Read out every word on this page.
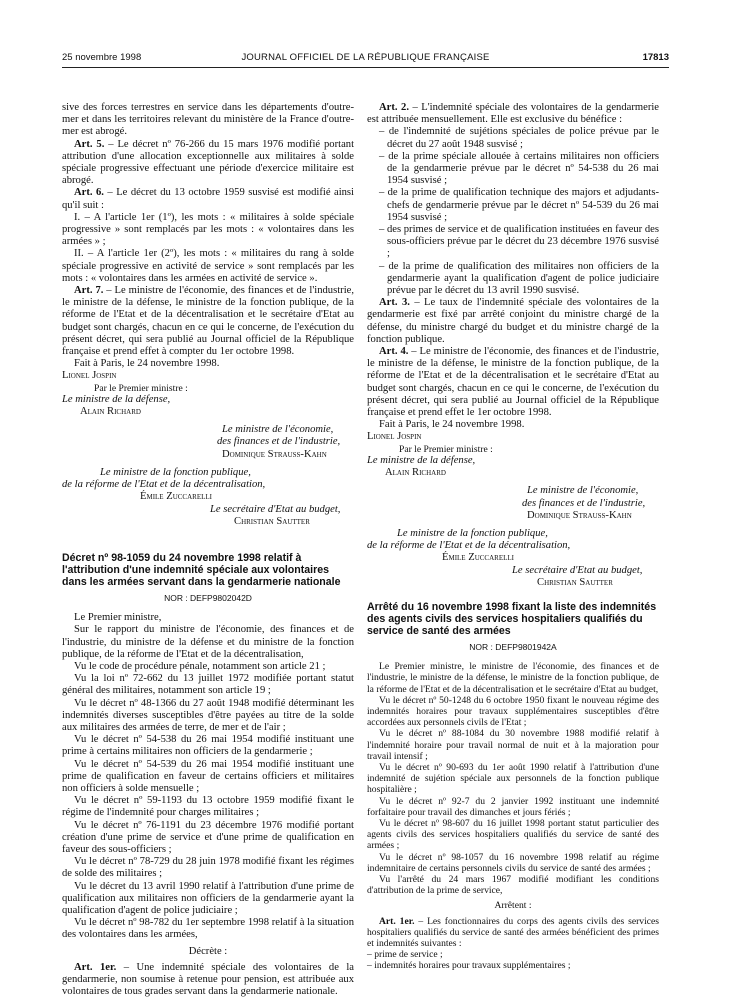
25 novembre 1998	JOURNAL OFFICIEL DE LA RÉPUBLIQUE FRANÇAISE	17813

sive des forces terrestres en service dans les départements d'outre-mer et dans les territoires relevant du ministère de la France d'outre-mer est abrogé.

Art. 5. – Le décret nº 76-266 du 15 mars 1976 modifié portant attribution d'une allocation exceptionnelle aux militaires à solde spéciale progressive effectuant une période d'exercice militaire est abrogé.

Art. 6. – Le décret du 13 octobre 1959 susvisé est modifié ainsi qu'il suit :

I. – A l'article 1er (1º), les mots : « militaires à solde spéciale progressive » sont remplacés par les mots : « volontaires dans les armées » ;

II. – A l'article 1er (2º), les mots : « militaires du rang à solde spéciale progressive en activité de service » sont remplacés par les mots : « volontaires dans les armées en activité de service ».

Art. 7. – Le ministre de l'économie, des finances et de l'industrie, le ministre de la défense, le ministre de la fonction publique, de la réforme de l'Etat et de la décentralisation et le secrétaire d'Etat au budget sont chargés, chacun en ce qui le concerne, de l'exécution du présent décret, qui sera publié au Journal officiel de la République française et prend effet à compter du 1er octobre 1998.

Fait à Paris, le 24 novembre 1998.

Lionel Jospin

Par le Premier ministre :

Le ministre de la défense,

Alain Richard

Le ministre de l'économie,

des finances et de l'industrie,

Dominique Strauss-Kahn

Le ministre de la fonction publique,

de la réforme de l'Etat et de la décentralisation,

Émile Zuccarelli

Le secrétaire d'Etat au budget,

Christian Sautter

Décret nº 98-1059 du 24 novembre 1998 relatif à l'attribution d'une indemnité spéciale aux volontaires dans les armées servant dans la gendarmerie nationale
NOR : DEFP9802042D

Le Premier ministre,

Sur le rapport du ministre de l'économie, des finances et de l'industrie, du ministre de la défense et du ministre de la fonction publique, de la réforme de l'Etat et de la décentralisation,

Vu le code de procédure pénale, notamment son article 21 ;

Vu la loi nº 72-662 du 13 juillet 1972 modifiée portant statut général des militaires, notamment son article 19 ;

Vu le décret nº 48-1366 du 27 août 1948 modifié déterminant les indemnités diverses susceptibles d'être payées au titre de la solde aux militaires des armées de terre, de mer et de l'air ;

Vu le décret nº 54-538 du 26 mai 1954 modifié instituant une prime à certains militaires non officiers de la gendarmerie ;

Vu le décret nº 54-539 du 26 mai 1954 modifié instituant une prime de qualification en faveur de certains officiers et militaires non officiers à solde mensuelle ;

Vu le décret nº 59-1193 du 13 octobre 1959 modifié fixant le régime de l'indemnité pour charges militaires ;

Vu le décret nº 76-1191 du 23 décembre 1976 modifié portant création d'une prime de service et d'une prime de qualification en faveur des sous-officiers ;

Vu le décret nº 78-729 du 28 juin 1978 modifié fixant les régimes de solde des militaires ;

Vu le décret du 13 avril 1990 relatif à l'attribution d'une prime de qualification aux militaires non officiers de la gendarmerie ayant la qualification d'agent de police judiciaire ;

Vu le décret nº 98-782 du 1er septembre 1998 relatif à la situation des volontaires dans les armées,

Décrète :

Art. 1er. – Une indemnité spéciale des volontaires de la gendarmerie, non soumise à retenue pour pension, est attribuée aux volontaires de tous grades servant dans la gendarmerie nationale.

Art. 2. – L'indemnité spéciale des volontaires de la gendarmerie est attribuée mensuellement. Elle est exclusive du bénéfice :

– de l'indemnité de sujétions spéciales de police prévue par le décret du 27 août 1948 susvisé ;
– de la prime spéciale allouée à certains militaires non officiers de la gendarmerie prévue par le décret nº 54-538 du 26 mai 1954 susvisé ;
– de la prime de qualification technique des majors et adjudants-chefs de gendarmerie prévue par le décret nº 54-539 du 26 mai 1954 susvisé ;
– des primes de service et de qualification instituées en faveur des sous-officiers prévue par le décret du 23 décembre 1976 susvisé ;
– de la prime de qualification des militaires non officiers de la gendarmerie ayant la qualification d'agent de police judiciaire prévue par le décret du 13 avril 1990 susvisé.

Art. 3. – Le taux de l'indemnité spéciale des volontaires de la gendarmerie est fixé par arrêté conjoint du ministre chargé de la défense, du ministre chargé du budget et du ministre chargé de la fonction publique.

Art. 4. – Le ministre de l'économie, des finances et de l'industrie, le ministre de la défense, le ministre de la fonction publique, de la réforme de l'Etat et de la décentralisation et le secrétaire d'Etat au budget sont chargés, chacun en ce qui le concerne, de l'exécution du présent décret, qui sera publié au Journal officiel de la République française et prend effet le 1er octobre 1998.

Fait à Paris, le 24 novembre 1998.

Lionel Jospin

Par le Premier ministre :

Le ministre de la défense,

Alain Richard

Le ministre de l'économie,

des finances et de l'industrie,

Dominique Strauss-Kahn

Le ministre de la fonction publique,

de la réforme de l'Etat et de la décentralisation,

Émile Zuccarelli

Le secrétaire d'Etat au budget,

Christian Sautter

Arrêté du 16 novembre 1998 fixant la liste des indemnités des agents civils des services hospitaliers qualifiés du service de santé des armées
NOR : DEFP9801942A

Le Premier ministre, le ministre de l'économie, des finances et de l'industrie, le ministre de la défense, le ministre de la fonction publique, de la réforme de l'Etat et de la décentralisation et le secrétaire d'Etat au budget,

Vu le décret nº 50-1248 du 6 octobre 1950 fixant le nouveau régime des indemnités horaires pour travaux supplémentaires susceptibles d'être accordées aux personnels civils de l'Etat ;

Vu le décret nº 88-1084 du 30 novembre 1988 modifié relatif à l'indemnité horaire pour travail normal de nuit et à la majoration pour travail intensif ;

Vu le décret nº 90-693 du 1er août 1990 relatif à l'attribution d'une indemnité de sujétion spéciale aux personnels de la fonction publique hospitalière ;

Vu le décret nº 92-7 du 2 janvier 1992 instituant une indemnité forfaitaire pour travail des dimanches et jours fériés ;

Vu le décret nº 98-607 du 16 juillet 1998 portant statut particulier des agents civils des services hospitaliers qualifiés du service de santé des armées ;

Vu le décret nº 98-1057 du 16 novembre 1998 relatif au régime indemnitaire de certains personnels civils du service de santé des armées ;

Vu l'arrêté du 24 mars 1967 modifié modifiant les conditions d'attribution de la prime de service,

Arrêtent :

Art. 1er. – Les fonctionnaires du corps des agents civils des services hospitaliers qualifiés du service de santé des armées bénéficient des primes et indemnités suivantes :

– prime de service ;
– indemnités horaires pour travaux supplémentaires ;
